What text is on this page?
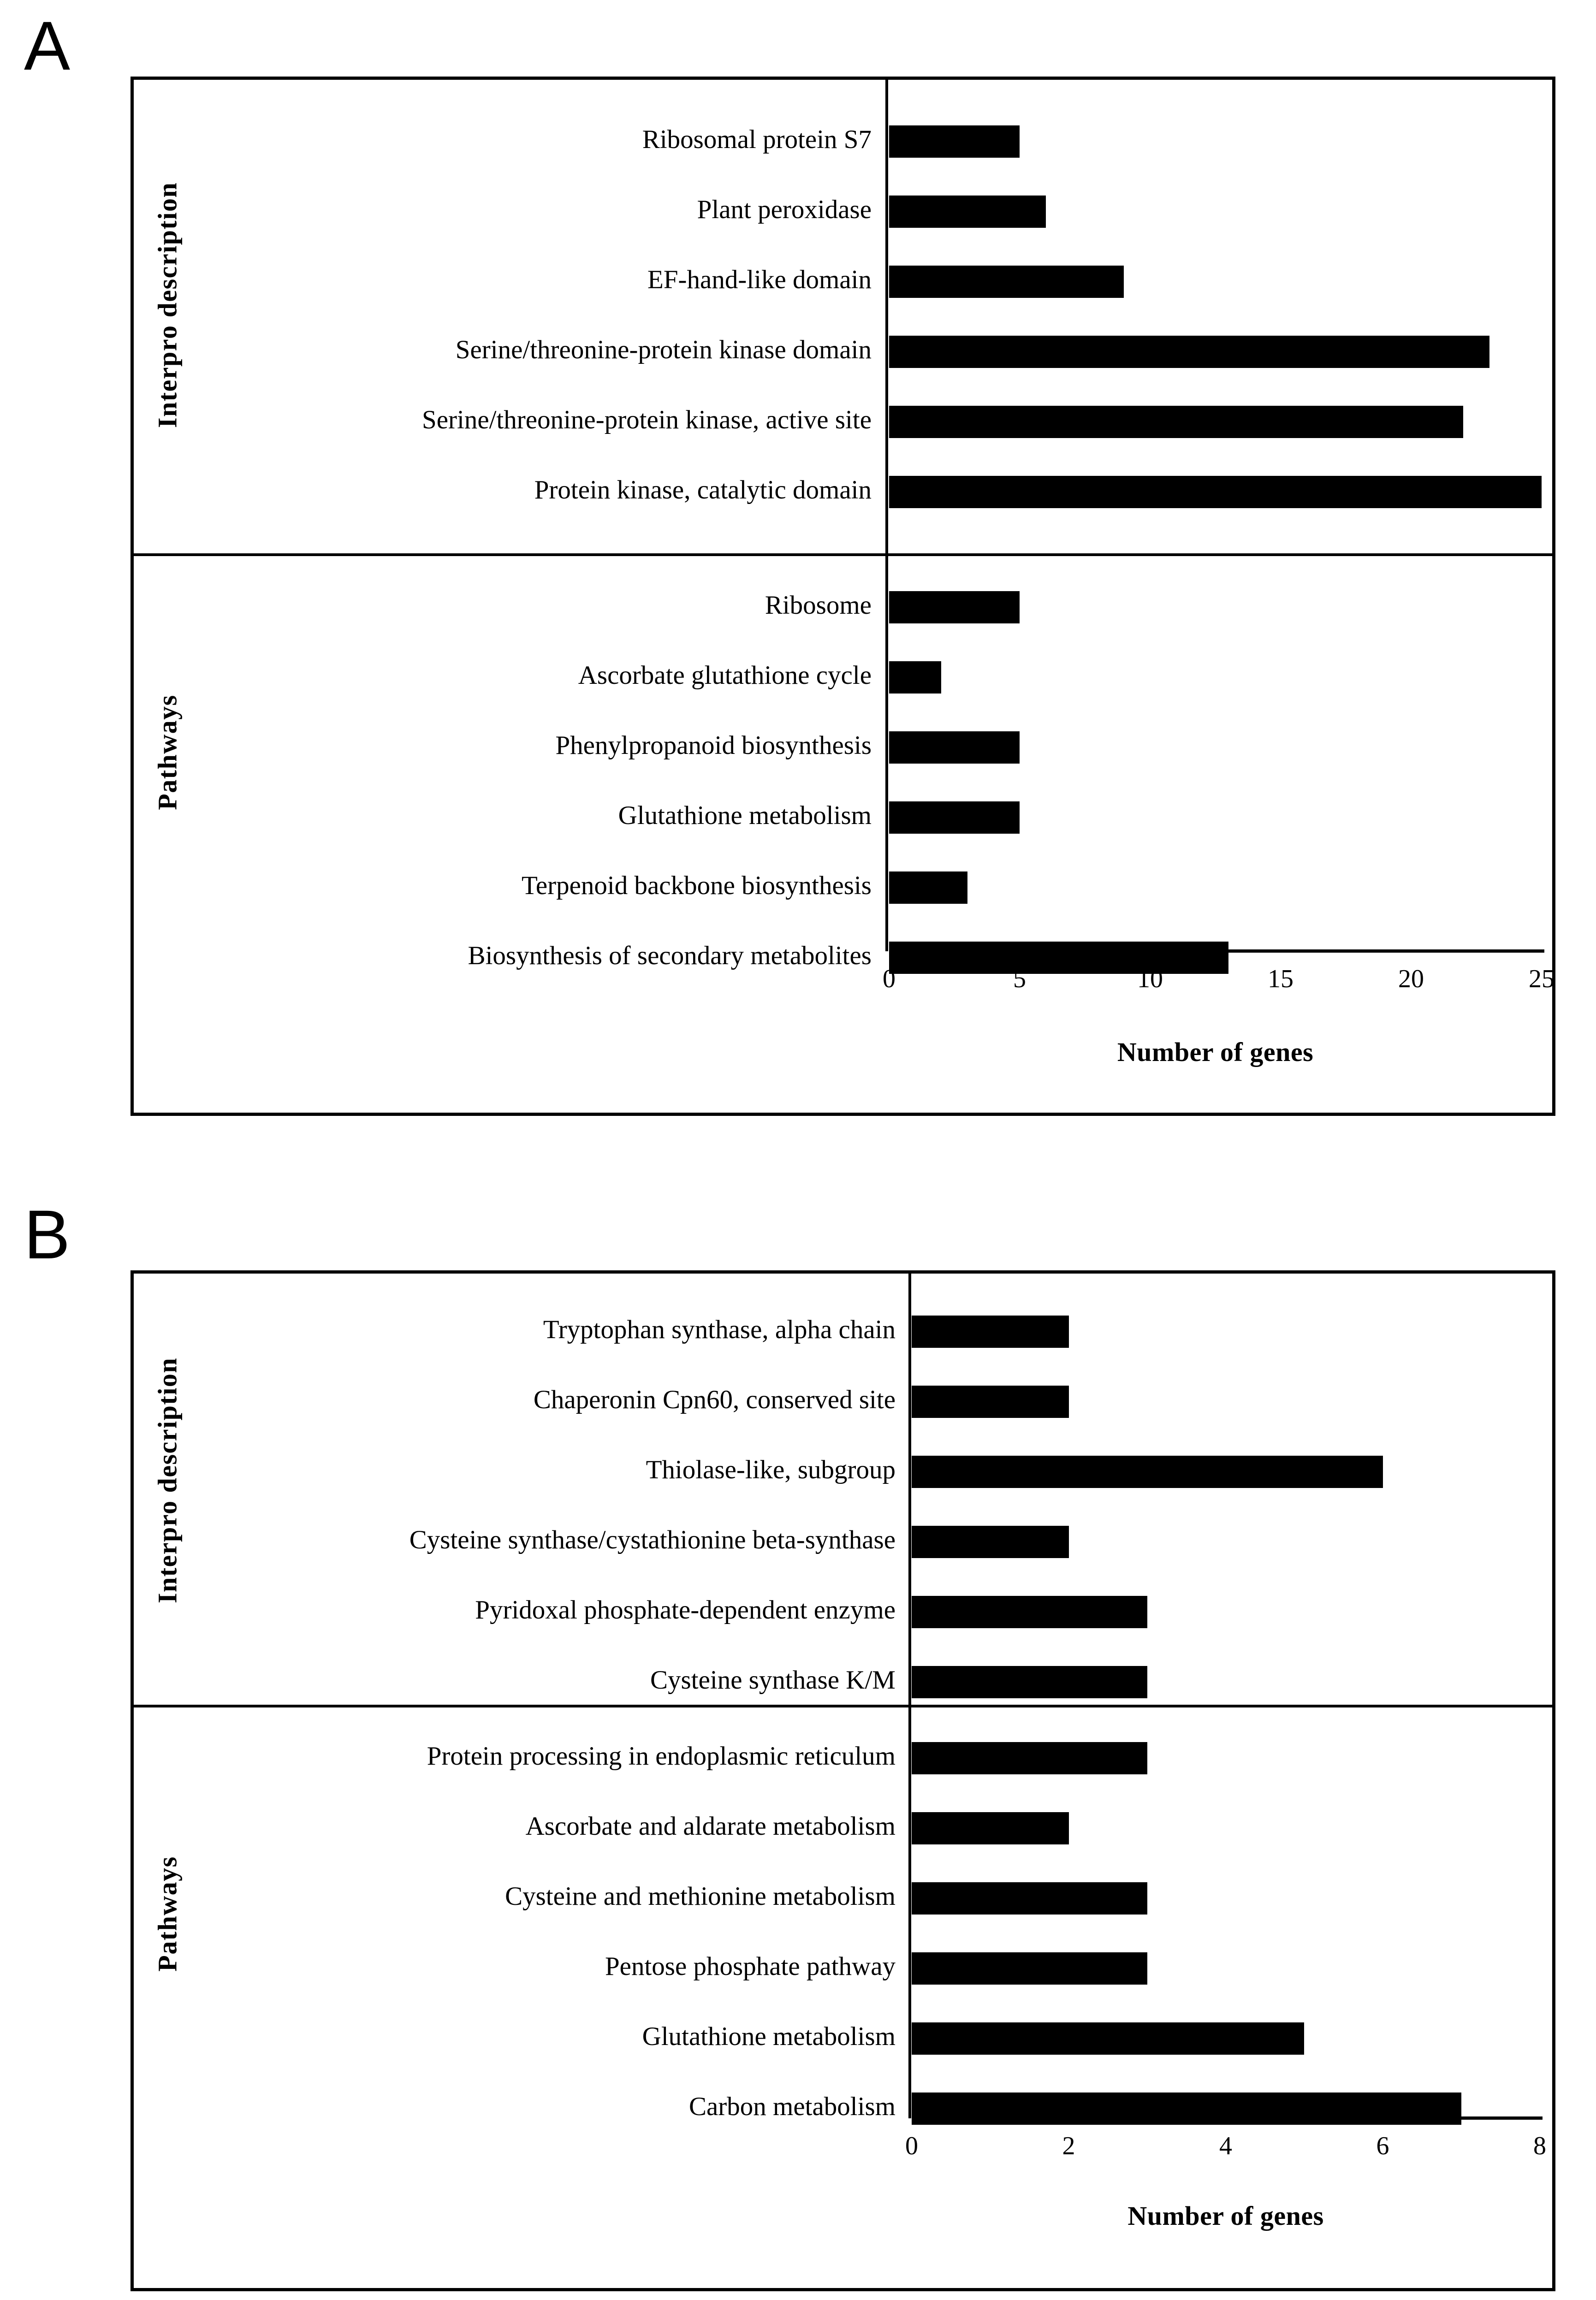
A
Interpro description
Ribosomal protein S7
Plant peroxidase
EF-hand-like domain
Serine/threonine-protein kinase domain
Serine/threonine-protein kinase, active site
Protein kinase, catalytic domain
Pathways
Ribosome
Ascorbate glutathione cycle
Phenylpropanoid biosynthesis
Glutathione metabolism
Terpenoid backbone biosynthesis
Biosynthesis of secondary metabolites
0	5	10	15	20	25
Number of genes
B
Interpro description
Tryptophan synthase, alpha chain
Chaperonin Cpn60, conserved site
Thiolase-like, subgroup
Cysteine synthase/cystathionine beta-synthase
Pyridoxal phosphate-dependent enzyme
Cysteine synthase K/M
Pathways
Protein processing in endoplasmic reticulum
Ascorbate and aldarate metabolism
Cysteine and methionine metabolism
Pentose phosphate pathway
Glutathione metabolism
Carbon metabolism
0	2	4	6	8
Number of genes
